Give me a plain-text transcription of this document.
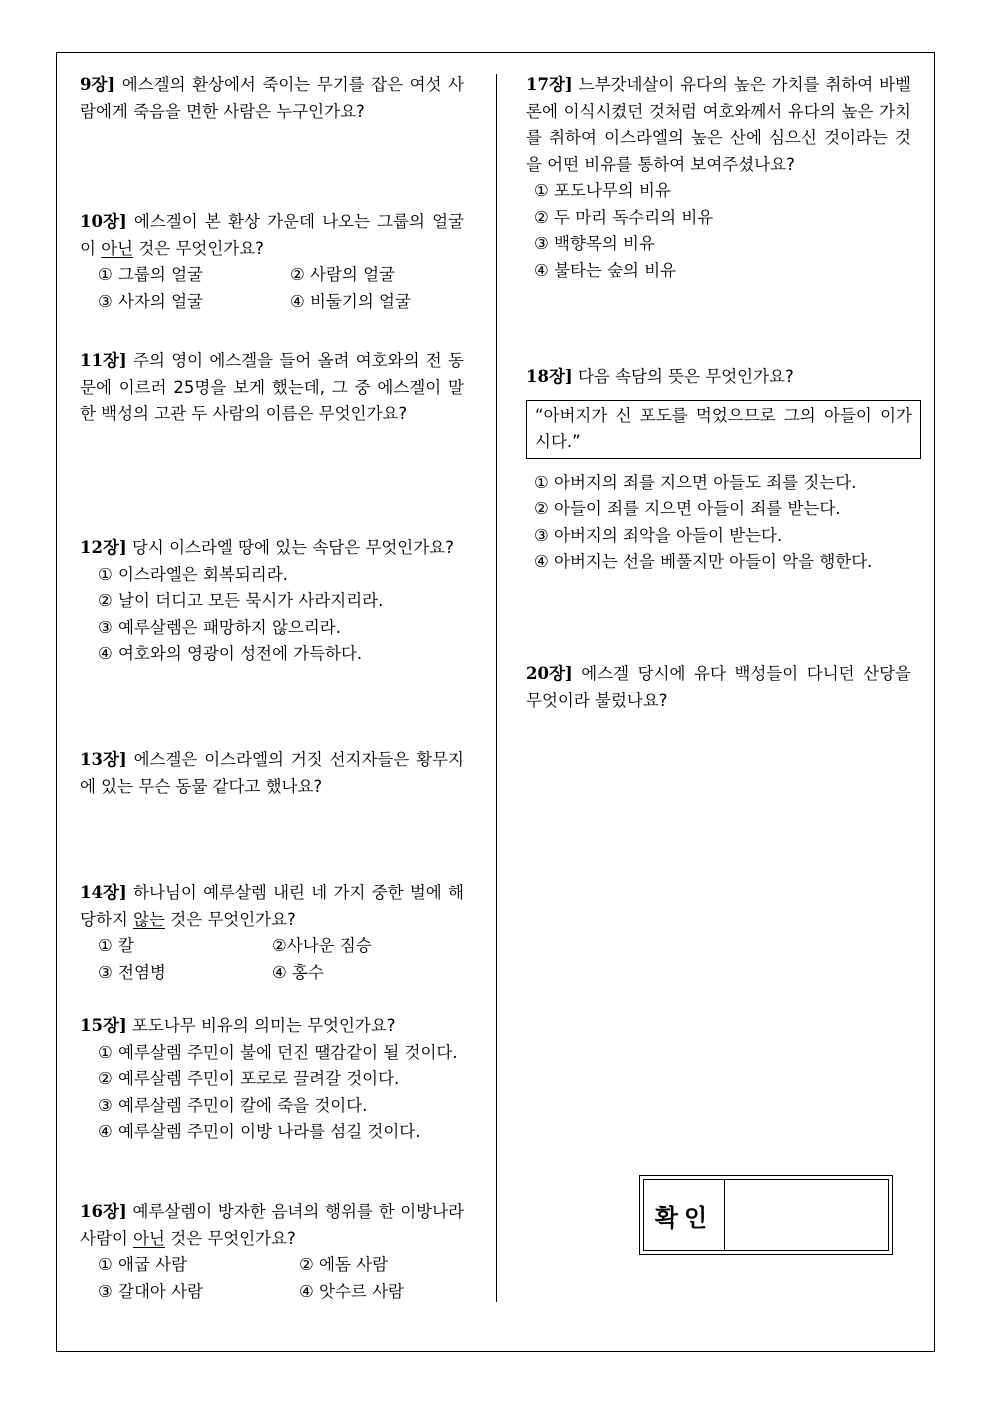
9장] 에스겔의 환상에서 죽이는 무기를 잡은 여섯 사람에게 죽음을 면한 사람은 누구인가요?
10장] 에스겔이 본 환상 가운데 나오는 그룹의 얼굴이 아닌 것은 무엇인가요?
① 그룹의 얼굴	② 사람의 얼굴
③ 사자의 얼굴	④ 비둘기의 얼굴
11장] 주의 영이 에스겔을 들어 올려 여호와의 전 동문에 이르러 25명을 보게 했는데, 그 중 에스겔이 말한 백성의 고관 두 사람의 이름은 무엇인가요?
12장] 당시 이스라엘 땅에 있는 속담은 무엇인가요?
① 이스라엘은 회복되리라.
② 날이 더디고 모든 묵시가 사라지리라.
③ 예루살렘은 패망하지 않으리라.
④ 여호와의 영광이 성전에 가득하다.
13장] 에스겔은 이스라엘의 거짓 선지자들은 황무지에 있는 무슨 동물 같다고 했나요?
14장] 하나님이 예루살렘 내린 네 가지 중한 벌에 해당하지 않는 것은 무엇인가요?
① 칼	②사나운 짐승
③ 전염병	④ 홍수
15장] 포도나무 비유의 의미는 무엇인가요?
① 예루살렘 주민이 불에 던진 땔감같이 될 것이다.
② 예루살렘 주민이 포로로 끌려갈 것이다.
③ 예루살렘 주민이 칼에 죽을 것이다.
④ 예루살렘 주민이 이방 나라를 섬길 것이다.
16장] 예루살렘이 방자한 음녀의 행위를 한 이방나라 사람이 아닌 것은 무엇인가요?
① 애굽 사람	② 에돔 사람
③ 갈대아 사람	④ 앗수르 사람
17장] 느부갓네살이 유다의 높은 가치를 취하여 바벨론에 이식시켰던 것처럼 여호와께서 유다의 높은 가치를 취하여 이스라엘의 높은 산에 심으신 것이라는 것을 어떤 비유를 통하여 보여주셨나요?
① 포도나무의 비유
② 두 마리 독수리의 비유
③ 백향목의 비유
④ 불타는 숲의 비유
18장] 다음 속담의 뜻은 무엇인가요?
“아버지가 신 포도를 먹었으므로 그의 아들이 이가 시다.”
① 아버지의 죄를 지으면 아들도 죄를 짓는다.
② 아들이 죄를 지으면 아들이 죄를 받는다.
③ 아버지의 죄악을 아들이 받는다.
④ 아버지는 선을 베풀지만 아들이 악을 행한다.
20장] 에스겔 당시에 유다 백성들이 다니던 산당을 무엇이라 불렀나요?
확인
